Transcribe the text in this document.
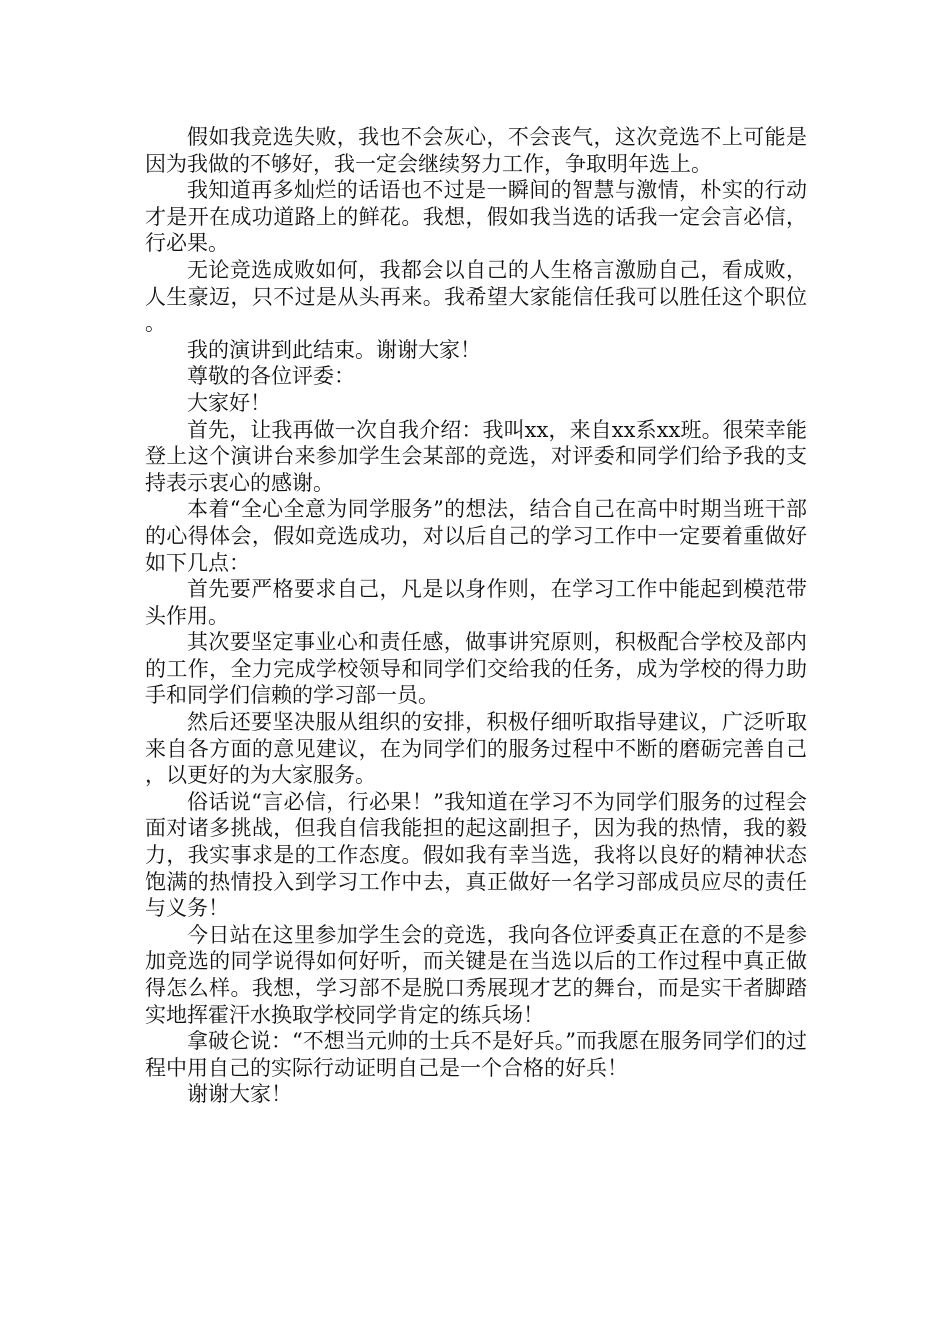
假如我竞选失败，我也不会灰心，不会丧气，这次竞选不上可能是因为我做的不够好，我一定会继续努力工作，争取明年选上。

我知道再多灿烂的话语也不过是一瞬间的智慧与激情，朴实的行动才是开在成功道路上的鲜花。我想，假如我当选的话我一定会言必信，行必果。

无论竞选成败如何，我都会以自己的人生格言激励自己，看成败，人生豪迈，只不过是从头再来。我希望大家能信任我可以胜任这个职位。

我的演讲到此结束。谢谢大家！

尊敬的各位评委：

大家好！

首先，让我再做一次自我介绍：我叫xx，来自xx系xx班。很荣幸能登上这个演讲台来参加学生会某部的竞选，对评委和同学们给予我的支持表示衷心的感谢。

本着“全心全意为同学服务”的想法，结合自己在高中时期当班干部的心得体会，假如竞选成功，对以后自己的学习工作中一定要着重做好如下几点：

首先要严格要求自己，凡是以身作则，在学习工作中能起到模范带头作用。

其次要坚定事业心和责任感，做事讲究原则，积极配合学校及部内的工作，全力完成学校领导和同学们交给我的任务，成为学校的得力助手和同学们信赖的学习部一员。

然后还要坚决服从组织的安排，积极仔细听取指导建议，广泛听取来自各方面的意见建议，在为同学们的服务过程中不断的磨砺完善自己，以更好的为大家服务。

俗话说“言必信，行必果！”我知道在学习不为同学们服务的过程会面对诸多挑战，但我自信我能担的起这副担子，因为我的热情，我的毅力，我实事求是的工作态度。假如我有幸当选，我将以良好的精神状态饱满的热情投入到学习工作中去，真正做好一名学习部成员应尽的责任与义务！

今日站在这里参加学生会的竞选，我向各位评委真正在意的不是参加竞选的同学说得如何好听，而关键是在当选以后的工作过程中真正做得怎么样。我想，学习部不是脱口秀展现才艺的舞台，而是实干者脚踏实地挥霍汗水换取学校同学肯定的练兵场！

拿破仑说：“不想当元帅的士兵不是好兵。”而我愿在服务同学们的过程中用自己的实际行动证明自己是一个合格的好兵！

谢谢大家！
